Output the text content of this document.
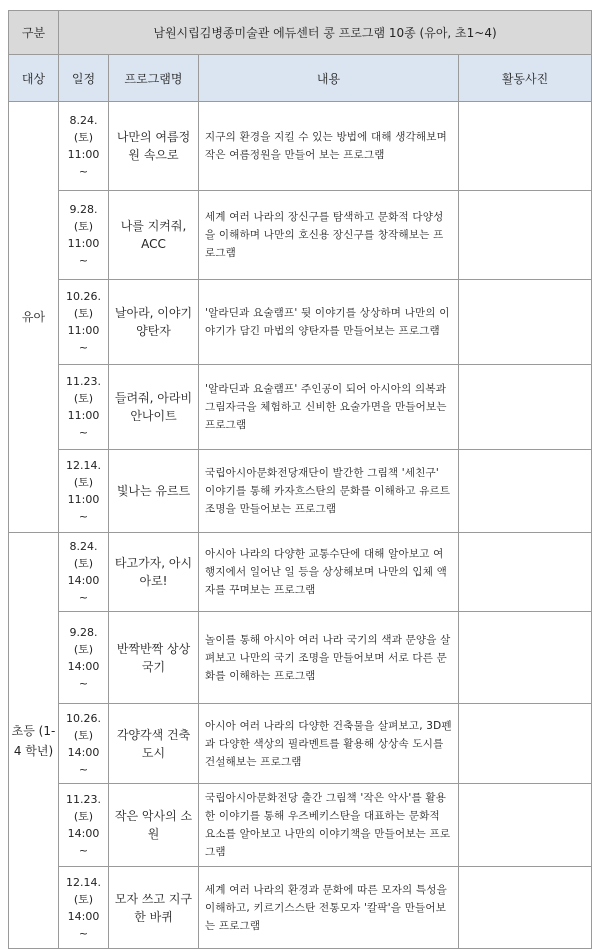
구분	남원시립김병종미술관 에듀센터 콩 프로그램 10종 (유아, 초1~4)			
대상	일정	프로그램명	내용	활동사진
유아	8.24.
(토)
11:00
~	나만의 여름정원 속으로	지구의 환경을 지킬 수 있는 방법에 대해 생각해보며 작은 여름정원을 만들어 보는 프로그램	

	9.28.
(토)
11:00
~	나를 지켜줘, ACC	세계 여러 나라의 장신구를 탐색하고 문화적 다양성을 이해하며 나만의 호신용 장신구를 창작해보는 프로그램	

	10.26.
(토)
11:00
~	날아라, 이야기 양탄자	'알라딘과 요술램프' 뒷 이야기를 상상하며 나만의 이야기가 담긴 마법의 양탄자를 만들어보는 프로그램	

	11.23.
(토)
11:00
~	들려줘, 아라비안나이트	'알라딘과 요술램프' 주인공이 되어 아시아의 의복과 그림자극을 체험하고 신비한 요술가면을 만들어보는 프로그램	

	12.14.
(토)
11:00
~	빛나는 유르트	국립아시아문화전당재단이 발간한 그림책 '세친구' 이야기를 통해 카자흐스탄의 문화를 이해하고 유르트 조명을 만들어보는 프로그램	

초등 (1-4 학년)	8.24.
(토)
14:00
~	타고가자, 아시아로!	아시아 나라의 다양한 교통수단에 대해 알아보고 여행지에서 일어난 일 등을 상상해보며 나만의 입체 액자를 꾸며보는 프로그램	

	9.28.
(토)
14:00
~	반짝반짝 상상국기	놀이를 통해 아시아 여러 나라 국기의 색과 문양을 살펴보고 나만의 국기 조명을 만들어보며 서로 다른 문화를 이해하는 프로그램	

	10.26.
(토)
14:00
~	각양각색 건축도시	아시아 여러 나라의 다양한 건축물을 살펴보고, 3D펜과 다양한 색상의 필라멘트를 활용해 상상속 도시를 건설해보는 프로그램	

	11.23.
(토)
14:00
~	작은 악사의 소원	국립아시아문화전당 출간 그림책 '작은 악사'를 활용한 이야기를 통해 우즈베키스탄을 대표하는 문화적 요소를 알아보고 나만의 이야기책을 만들어보는 프로그램	

	12.14.
(토)
14:00
~	모자 쓰고 지구 한 바퀴	세계 여러 나라의 환경과 문화에 따른 모자의 특성을 이해하고, 키르기스스탄 전통모자 '칼팍'을 만들어보는 프로그램	
